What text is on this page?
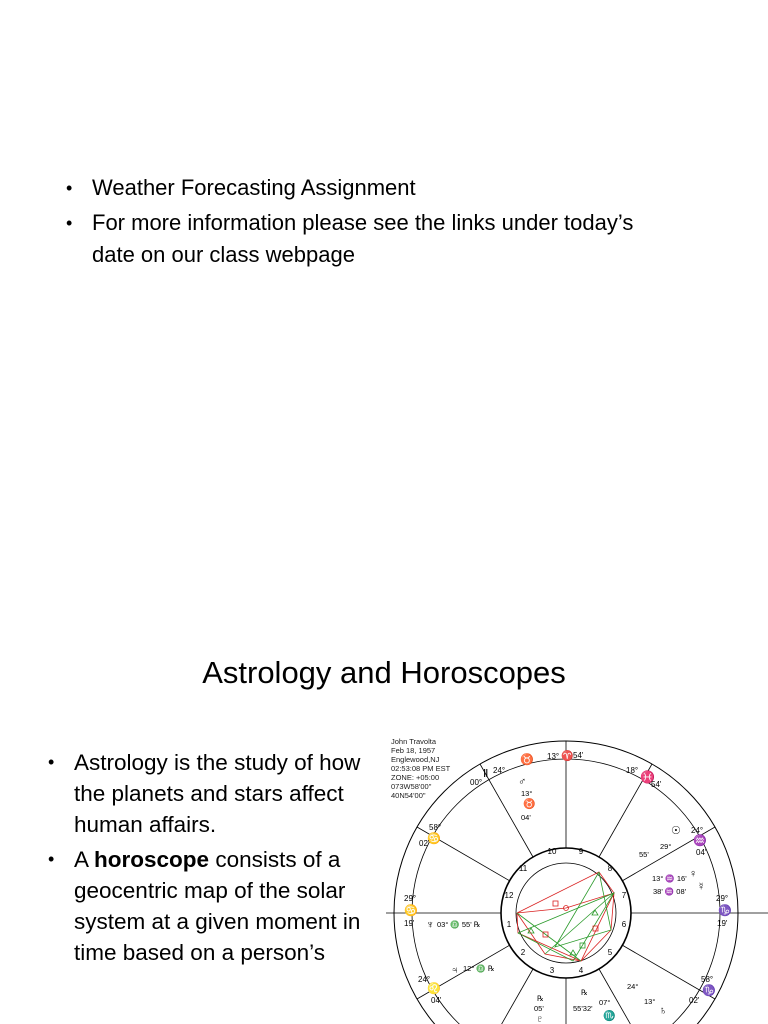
• Weather Forecasting Assignment
• For more information please see the links under today’s date on our class webpage
Astrology and Horoscopes
• Astrology is the study of how the planets and stars affect human affairs.
• A horoscope consists of a geocentric map of the solar system at a given moment in time based on a person’s
John Travolta
Feb 18, 1957
Englewood,NJ
02:53:08 PM EST
ZONE: +05:00
073W58'00"
40N54'00"
1
2
3	4
5
6
7
8
9
10
11
12
00°
Ⅱ 24°
♉ 13° ♈ 54'
18° ♓
54'
24°
♒
04'
29°
♑
19'
58°
♑
02'
58°
♋
02'
29°
♋
19'
24°
♌
04'
♂
13°
♉
04'
☉
29°
55'
♀
13° ♒ 16'
☿
38' ♒ 08'
♆ 03° ♎ 55' ℞
♃ 12° ♎ ℞
♄
24°
13°
℞
05'
♇
℞
55'32'
07°
♏
